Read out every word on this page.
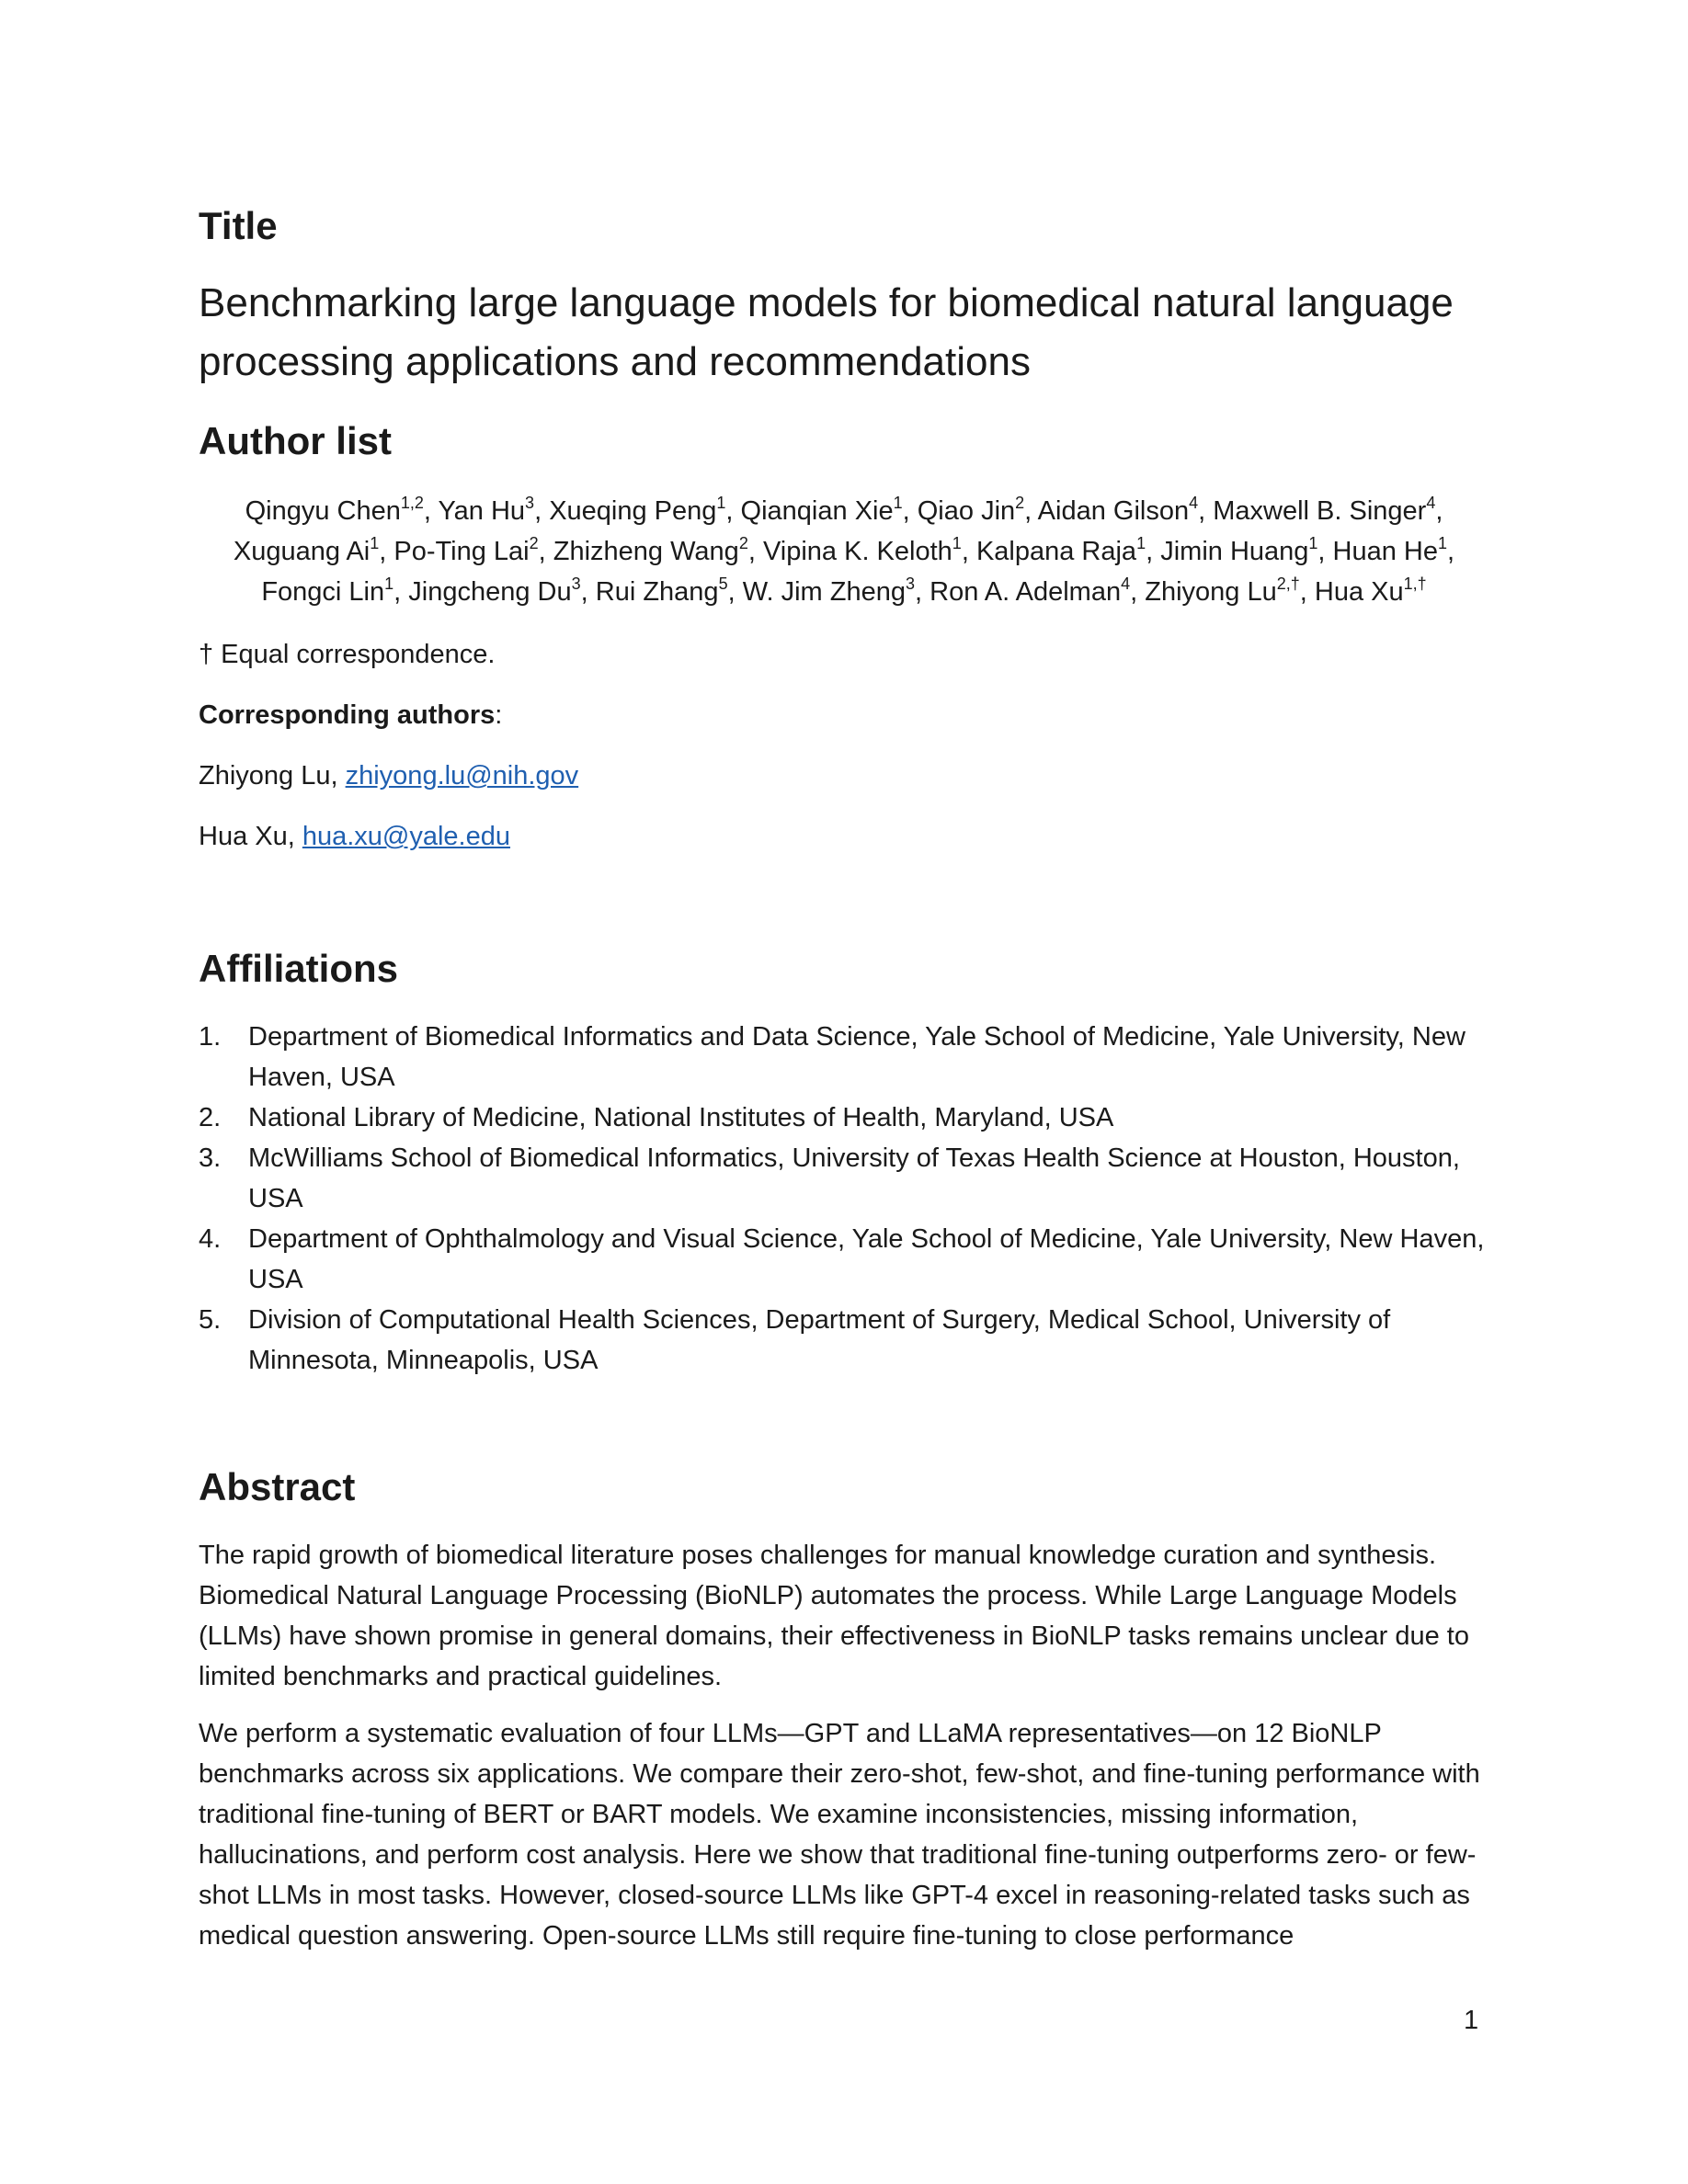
Title
Benchmarking large language models for biomedical natural language processing applications and recommendations
Author list
Qingyu Chen$^{1,2}$, Yan Hu$^3$, Xueqing Peng$^1$, Qianqian Xie$^1$, Qiao Jin$^2$, Aidan Gilson$^4$, Maxwell B. Singer$^4$,
Xuguang Ai$^1$, Po-Ting Lai$^2$, Zhizheng Wang$^2$, Vipina K. Keloth$^1$, Kalpana Raja$^1$, Jimin Huang$^1$, Huan He$^1$,
Fongci Lin$^1$, Jingcheng Du$^3$, Rui Zhang$^5$, W. Jim Zheng$^3$, Ron A. Adelman$^4$, Zhiyong $Lu^{2,\dagger}$, Hua $Xu^{1,\dagger}$
† Equal correspondence.
Corresponding authors:
Zhiyong Lu, zhiyong.lu@nih.gov
Hua Xu, hua.xu@yale.edu
Affiliations
1. Department of Biomedical Informatics and Data Science, Yale School of Medicine, Yale University, New Haven, USA
2. National Library of Medicine, National Institutes of Health, Maryland, USA
3. McWilliams School of Biomedical Informatics, University of Texas Health Science at Houston, Houston, USA
4. Department of Ophthalmology and Visual Science, Yale School of Medicine, Yale University, New Haven, USA
5. Division of Computational Health Sciences, Department of Surgery, Medical School, University of Minnesota, Minneapolis, USA
Abstract
The rapid growth of biomedical literature poses challenges for manual knowledge curation and synthesis. Biomedical Natural Language Processing (BioNLP) automates the process. While Large Language Models (LLMs) have shown promise in general domains, their effectiveness in BioNLP tasks remains unclear due to limited benchmarks and practical guidelines.
We perform a systematic evaluation of four LLMs—GPT and LLaMA representatives—on 12 BioNLP benchmarks across six applications. We compare their zero-shot, few-shot, and fine-tuning performance with traditional fine-tuning of BERT or BART models. We examine inconsistencies, missing information, hallucinations, and perform cost analysis. Here we show that traditional fine-tuning outperforms zero- or few-shot LLMs in most tasks. However, closed-source LLMs like GPT-4 excel in reasoning-related tasks such as medical question answering. Open-source LLMs still require fine-tuning to close performance
1
